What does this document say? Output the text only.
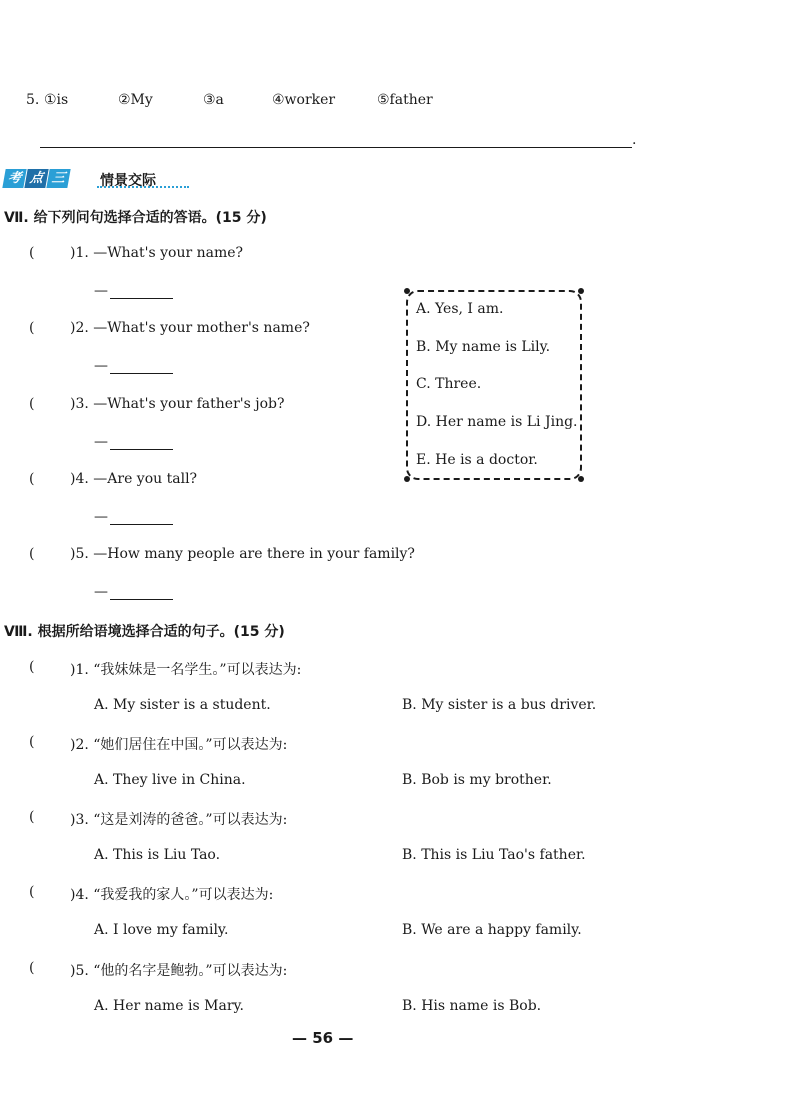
5. ①is	②My	③a	④worker	⑤father
.
考 点 三	情景交际
Ⅶ. 给下列问句选择合适的答语。(15 分)
(	)1. —What's your name?
—
(	)2. —What's your mother's name?
—
(	)3. —What's your father's job?
—
(	)4. —Are you tall?
—
(	)5. —How many people are there in your family?
—
A. Yes, I am.
B. My name is Lily.
C. Three.
D. Her name is Li Jing.
E. He is a doctor.
Ⅷ. 根据所给语境选择合适的句子。(15 分)
(	)1. “我妹妹是一名学生。”可以表达为:
A. My sister is a student.	B. My sister is a bus driver.
(	)2. “她们居住在中国。”可以表达为:
A. They live in China.	B. Bob is my brother.
(	)3. “这是刘涛的爸爸。”可以表达为:
A. This is Liu Tao.	B. This is Liu Tao's father.
(	)4. “我爱我的家人。”可以表达为:
A. I love my family.	B. We are a happy family.
(	)5. “他的名字是鲍勃。”可以表达为:
A. Her name is Mary.	B. His name is Bob.
— 56 —
